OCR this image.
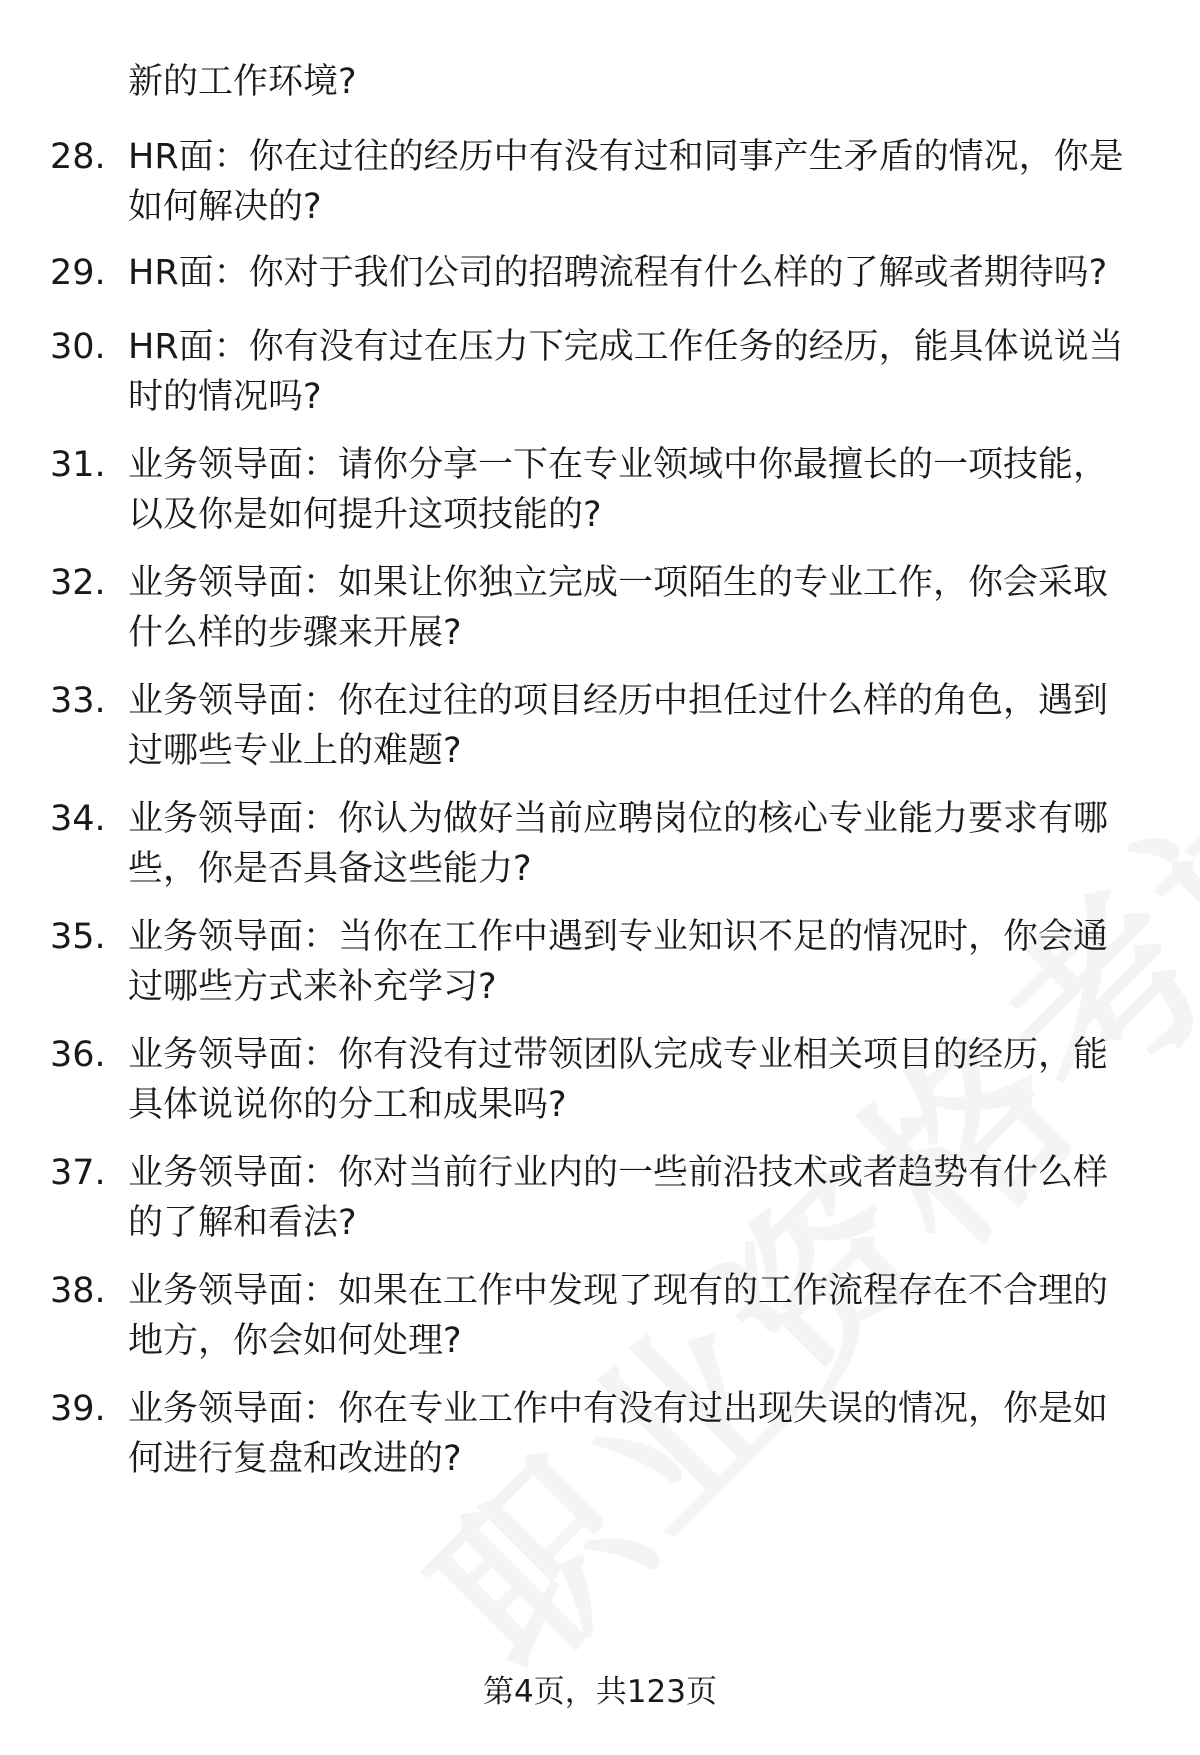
新的工作环境?
28. HR面：你在过往的经历中有没有过和同事产生矛盾的情况，你是
如何解决的?
29. HR面：你对于我们公司的招聘流程有什么样的了解或者期待吗?
30. HR面：你有没有过在压力下完成工作任务的经历，能具体说说当
时的情况吗?
31. 业务领导面：请你分享一下在专业领域中你最擅长的一项技能，
以及你是如何提升这项技能的?
32. 业务领导面：如果让你独立完成一项陌生的专业工作，你会采取
什么样的步骤来开展?
33. 业务领导面：你在过往的项目经历中担任过什么样的角色，遇到
过哪些专业上的难题?
34. 业务领导面：你认为做好当前应聘岗位的核心专业能力要求有哪
些，你是否具备这些能力?
35. 业务领导面：当你在工作中遇到专业知识不足的情况时，你会通
过哪些方式来补充学习?
36. 业务领导面：你有没有过带领团队完成专业相关项目的经历，能
具体说说你的分工和成果吗?
37. 业务领导面：你对当前行业内的一些前沿技术或者趋势有什么样
的了解和看法?
38. 业务领导面：如果在工作中发现了现有的工作流程存在不合理的
地方，你会如何处理?
39. 业务领导面：你在专业工作中有没有过出现失误的情况，你是如
何进行复盘和改进的?
第4页，共123页
